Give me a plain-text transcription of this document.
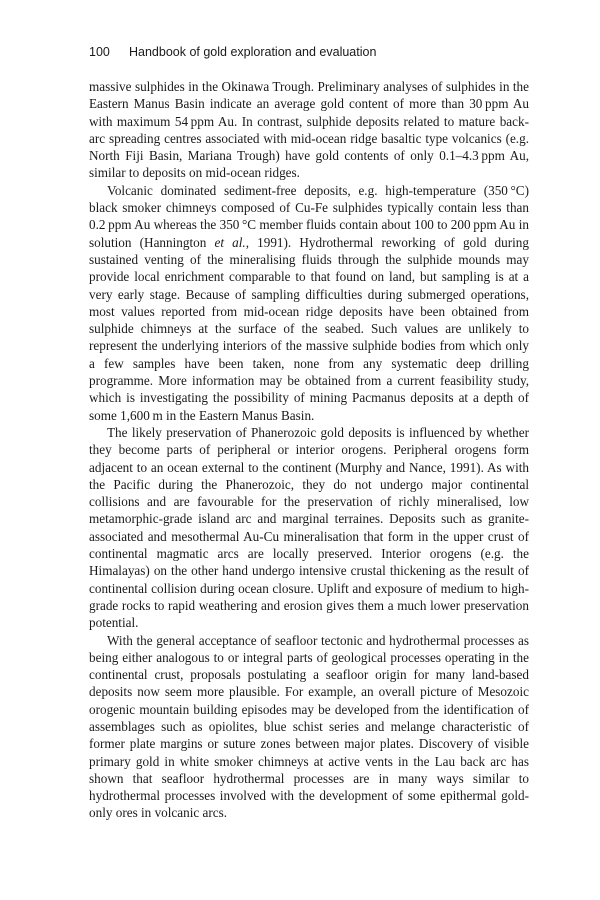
100 Handbook of gold exploration and evaluation

massive sulphides in the Okinawa Trough. Preliminary analyses of sulphides in the Eastern Manus Basin indicate an average gold content of more than 30 ppm Au with maximum 54 ppm Au. In contrast, sulphide deposits related to mature back-arc spreading centres associated with mid-ocean ridge basaltic type volcanics (e.g. North Fiji Basin, Mariana Trough) have gold contents of only 0.1–4.3 ppm Au, similar to deposits on mid-ocean ridges.

Volcanic dominated sediment-free deposits, e.g. high-temperature (350 °C) black smoker chimneys composed of Cu-Fe sulphides typically contain less than 0.2 ppm Au whereas the 350 °C member fluids contain about 100 to 200 ppm Au in solution (Hannington et al., 1991). Hydrothermal reworking of gold during sustained venting of the mineralising fluids through the sulphide mounds may provide local enrichment comparable to that found on land, but sampling is at a very early stage. Because of sampling difficulties during submerged operations, most values reported from mid-ocean ridge deposits have been obtained from sulphide chimneys at the surface of the seabed. Such values are unlikely to represent the underlying interiors of the massive sulphide bodies from which only a few samples have been taken, none from any systematic deep drilling programme. More information may be obtained from a current feasibility study, which is investigating the possibility of mining Pacmanus deposits at a depth of some 1,600 m in the Eastern Manus Basin.

The likely preservation of Phanerozoic gold deposits is influenced by whether they become parts of peripheral or interior orogens. Peripheral orogens form adjacent to an ocean external to the continent (Murphy and Nance, 1991). As with the Pacific during the Phanerozoic, they do not undergo major continental collisions and are favourable for the preservation of richly mineralised, low metamorphic-grade island arc and marginal terraines. Deposits such as granite-associated and mesothermal Au-Cu mineralisation that form in the upper crust of continental magmatic arcs are locally preserved. Interior orogens (e.g. the Himalayas) on the other hand undergo intensive crustal thickening as the result of continental collision during ocean closure. Uplift and exposure of medium to high-grade rocks to rapid weathering and erosion gives them a much lower preservation potential.

With the general acceptance of seafloor tectonic and hydrothermal processes as being either analogous to or integral parts of geological processes operating in the continental crust, proposals postulating a seafloor origin for many land-based deposits now seem more plausible. For example, an overall picture of Mesozoic orogenic mountain building episodes may be developed from the identification of assemblages such as opiolites, blue schist series and melange characteristic of former plate margins or suture zones between major plates. Discovery of visible primary gold in white smoker chimneys at active vents in the Lau back arc has shown that seafloor hydrothermal processes are in many ways similar to hydrothermal processes involved with the development of some epithermal gold-only ores in volcanic arcs.
